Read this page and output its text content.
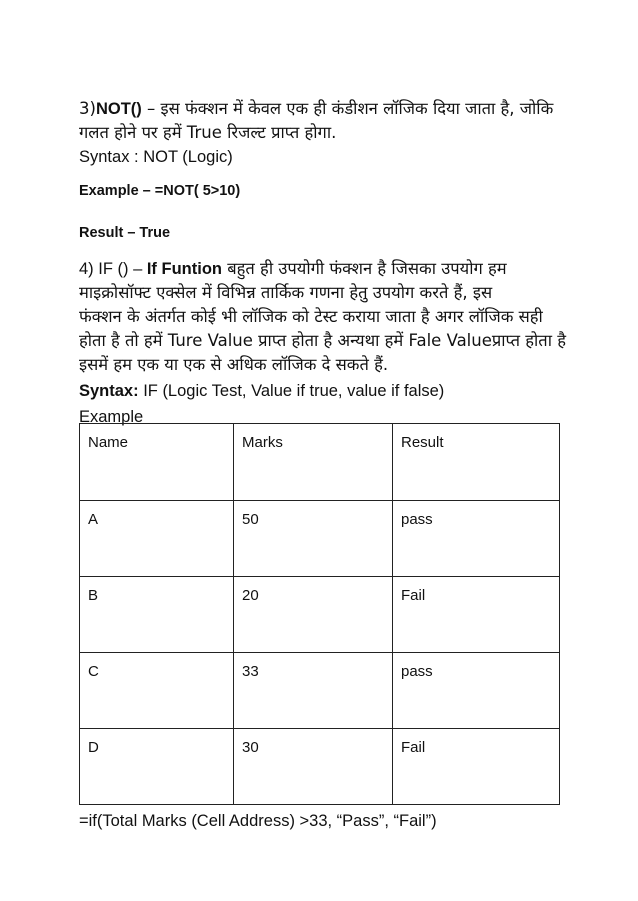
3)NOT() – इस फंक्शन में केवल एक ही कंडीशन लॉजिक दिया जाता है, जोकि
गलत होने पर हमें True रिजल्ट प्राप्त होगा.
Syntax : NOT (Logic)
Example – =NOT( 5>10)
Result – True
4) IF () – If Funtion बहुत ही उपयोगी फंक्शन है जिसका उपयोग हम
माइक्रोसॉफ्ट एक्सेल में विभिन्न तार्किक गणना हेतु उपयोग करते हैं, इस
फंक्शन के अंतर्गत कोई भी लॉजिक को टेस्ट कराया जाता है अगर लॉजिक सही
होता है तो हमें Ture Value प्राप्त होता है अन्यथा हमें Fale Valueप्राप्त होता है
इसमें हम एक या एक से अधिक लॉजिक दे सकते हैं.
Syntax: IF (Logic Test, Value if true, value if false)
Example
Name	Marks	Result
A	50	pass
B	20	Fail
C	33	pass
D	30	Fail
=if(Total Marks (Cell Address) >33, “Pass”, “Fail”)
